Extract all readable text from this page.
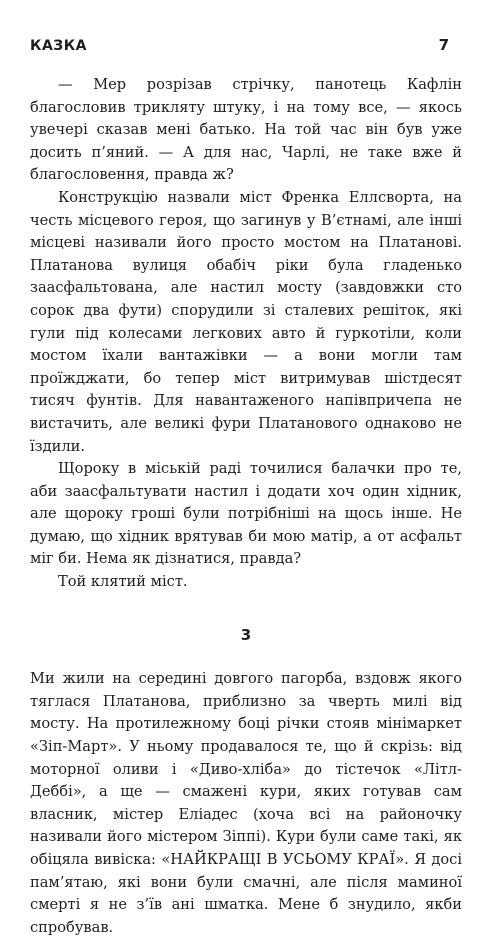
КАЗКА	7

— Мер розрізав стрічку, панотець Кафлін благословив триклятy штуку, і на тому все, — якось увечері сказав мені батько. На той час він був уже досить п’яний. — А для нас, Чарлі, не таке вже й благословення, правда ж?

Конструкцію назвали міст Френка Еллсворта, на честь місцевого героя, що загинув у В’єтнамі, але інші місцеві називали його просто мостом на Платанові. Платанова вулиця обабіч ріки була гладенько заасфальтована, але настил мосту (завдовжки сто сорок два фути) спорудили зі сталевих решіток, які гули під колесами легкових авто й гуркотіли, коли мостом їхали вантажівки — а вони могли там проїжджати, бо тепер міст витримував шістдесят тисяч фунтів. Для навантаженого напівпричепа не вистачить, але великі фури Платанового однаково не їздили.

Щороку в міській раді точилися балачки про те, аби заасфальтувати настил і додати хоч один хідник, але щороку гроші були потрібніші на щось інше. Не думаю, що хідник врятував би мою матір, а от асфальт міг би. Нема як дізнатися, правда?

Той клятий міст.

3

Ми жили на середині довгого пагорба, вздовж якого тяглася Платанова, приблизно за чверть милі від мосту. На протилежному боці річки стояв мінімаркет «Зіп-Март». У ньому продавалося те, що й скрізь: від моторної оливи і «Диво-хліба» до тістечок «Літл-Деббі», а ще — смажені кури, яких готував сам власник, містер Еліадес (хоча всі на районочку називали його містером Зіппі). Кури були саме такі, як обіцяла вивіска: «НАЙКРАЩІ В УСЬОМУ КРАЇ». Я досі пам’ятаю, які вони були смачні, але після маминої смерті я не з’їв ані шматка. Мене б знудило, якби спробував.
